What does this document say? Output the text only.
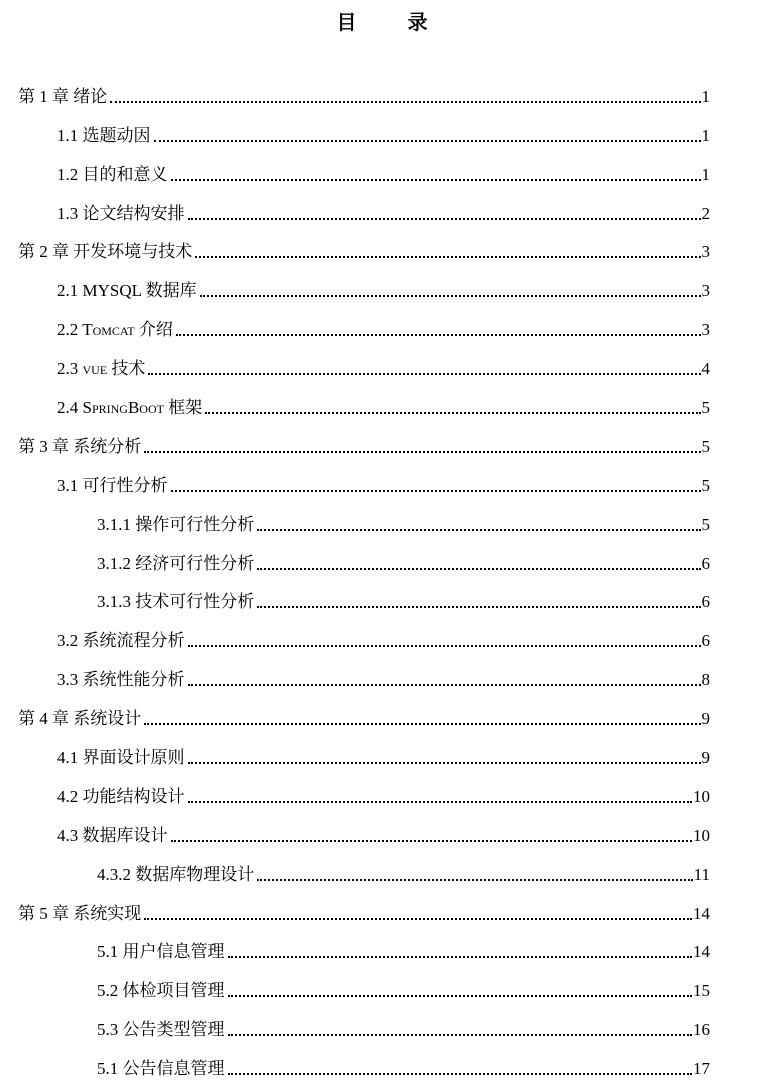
目 录
第 1 章 绪论	1
1.1 选题动因	1
1.2 目的和意义	1
1.3 论文结构安排	2
第 2 章 开发环境与技术	3
2.1 MYSQL 数据库	3
2.2 Tomcat 介绍	3
2.3 vue 技术	4
2.4 SpringBoot 框架	5
第 3 章 系统分析	5
3.1 可行性分析	5
3.1.1 操作可行性分析	5
3.1.2 经济可行性分析	6
3.1.3 技术可行性分析	6
3.2 系统流程分析	6
3.3 系统性能分析	8
第 4 章 系统设计	9
4.1 界面设计原则	9
4.2 功能结构设计	10
4.3 数据库设计	10
4.3.2 数据库物理设计	11
第 5 章 系统实现	14
5.1 用户信息管理	14
5.2 体检项目管理	15
5.3 公告类型管理	16
5.1 公告信息管理	17
